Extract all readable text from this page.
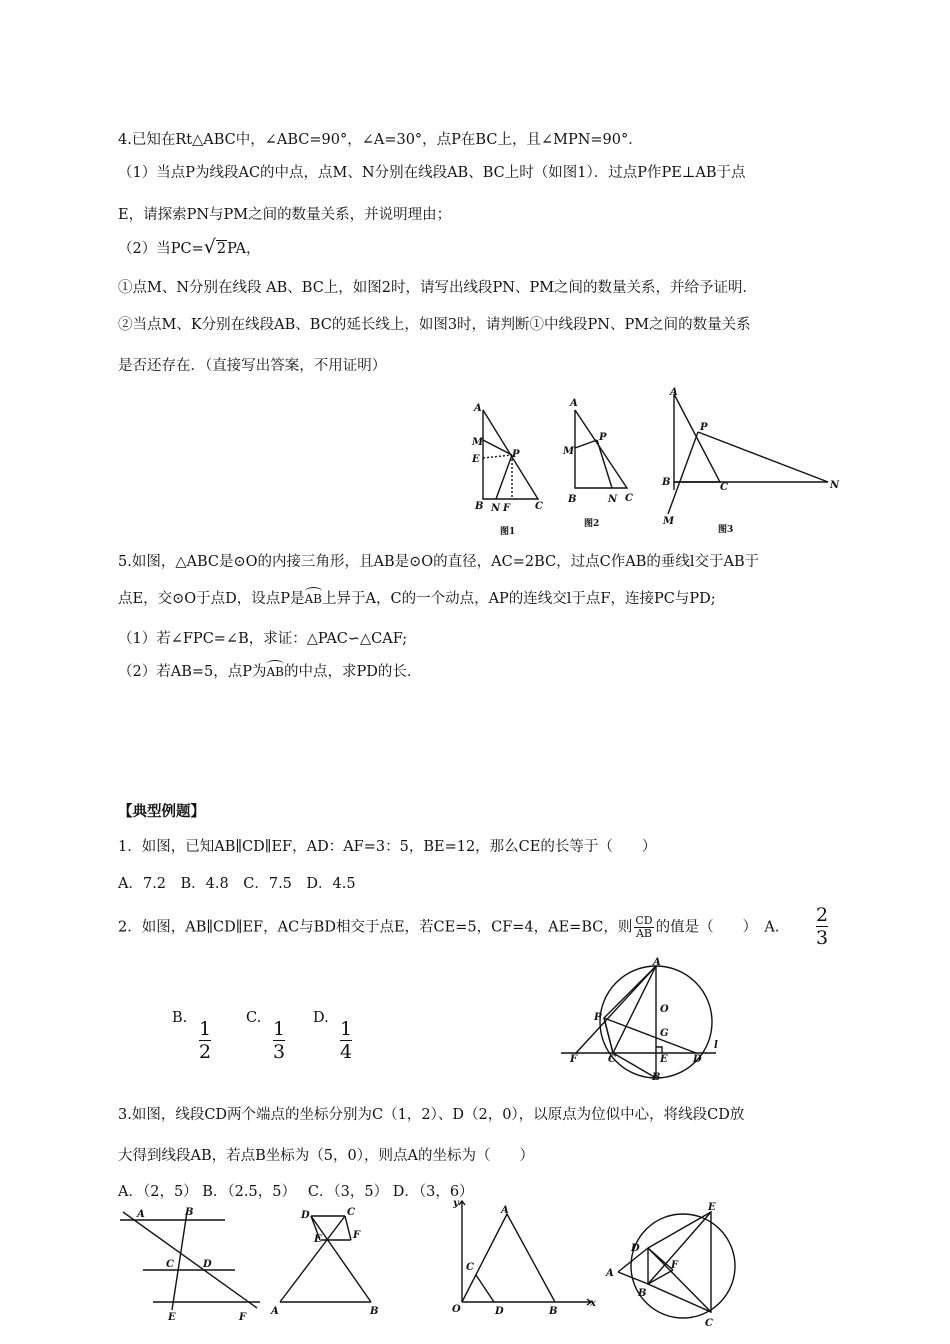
4.已知在Rt△ABC中，∠ABC=90°，∠A=30°，点P在BC上，且∠MPN=90°．
（1）当点P为线段AC的中点，点M、N分别在线段AB、BC上时（如图1）．过点P作PE⊥AB于点
E，请探索PN与PM之间的数量关系，并说明理由；
（2）当PC=√2PA，
①点M、N分别在线段 AB、BC上，如图2时，请写出线段PN、PM之间的数量关系，并给予证明．
②当点M、K分别在线段AB、BC的延长线上，如图3时，请判断①中线段PN、PM之间的数量关系
是否还存在．（直接写出答案，不用证明）
A
M
E	P
B N F C
图1
A
M
P
B	N C
图2
A
P
B	C	N
M
图3
5.如图，△ABC是⊙O的内接三角形，且AB是⊙O的直径，AC=2BC，过点C作AB的垂线l交于AB于
点E，交⊙O于点D，设点P是AB上异于A，C的一个动点，AP的连线交l于点F，连接PC与PD;
（1）若∠FPC=∠B，求证：△PAC∽△CAF;
（2）若AB=5，点P为AB的中点，求PD的长．
【典型例题】
1．如图，已知AB∥CD∥EF，AD：AF=3：5，BE=12，那么CE的长等于（　　）
A．7.2　B．4.8　C．7.5　D．4.5
2．如图，AB∥CD∥EF，AC与BD相交于点E，若CE=5，CF=4，AE=BC，则 $\frac{CD}{AB}$ 的值是（　　）　A． $\frac{2}{3}$
B. $\frac{1}{2} C$. $\frac{1}{3} D$. $\frac{1}{4}$
A
P
O
G
E
F	C	D
B
l
3.如图，线段CD两个端点的坐标分别为C（1，2）、D（2，0），以原点为位似中心，将线段CD放
大得到线段AB，若点B坐标为（5，0），则点A的坐标为（　　）
A．（2，5） B．（2.5，5）　 C．（3，5） D．（3，6）
A	B
C	D
E	F
D	C
E	F
A	B
y
x
O
A
C
D	B
A
D
F
B
E
C
